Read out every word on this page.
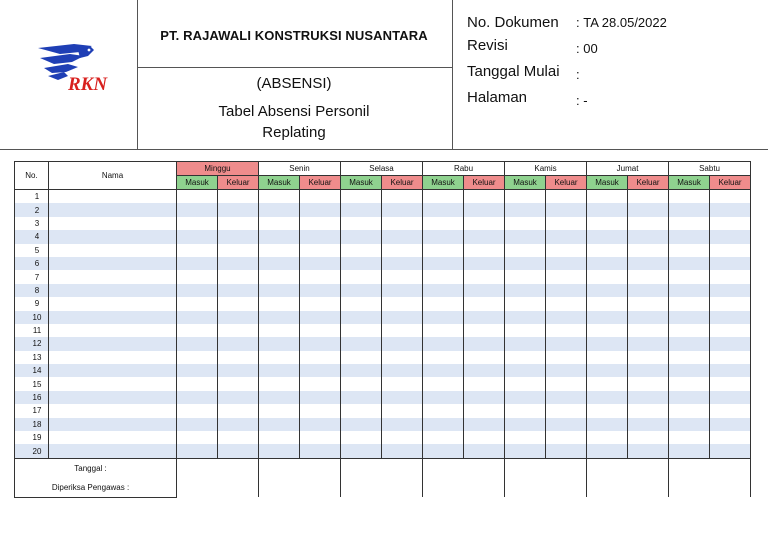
RKN
PT. RAJAWALI KONSTRUKSI NUSANTARA
(ABSENSI)
Tabel Absensi Personil
Replating
No. Dokumen : TA 28.05/2022
Revisi	: 00
Tanggal Mulai :
Halaman	: -
No.	Nama	Minggu		Senin		Selasa		Rabu		Kamis		Jumat		Sabtu	
		Masuk	Keluar	Masuk	Keluar	Masuk	Keluar	Masuk	Keluar	Masuk	Keluar	Masuk	Keluar	Masuk	Keluar
1															
2															
3															
4															
5															
6															
7															
8															
9															
10															
11															
12															
13															
14															
15															
16															
17															
18															
19															
20															
Tanggal :															
Diperiksa Pengawas :															
